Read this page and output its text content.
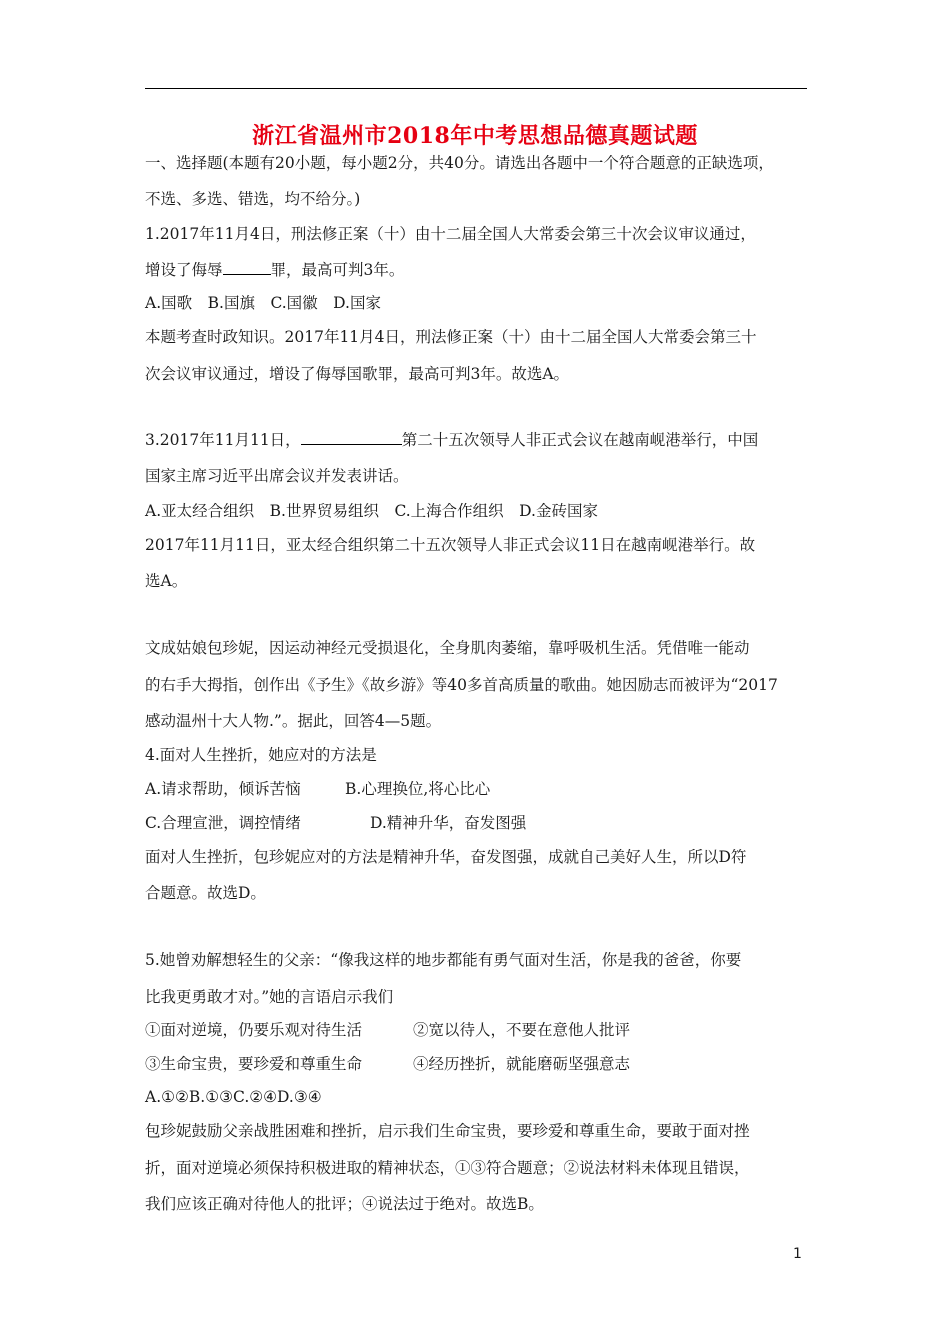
浙江省温州市2018年中考思想品德真题试题
一、选择题(本题有20小题，每小题2分，共40分。请选出各题中一个符合题意的正缺选项，
不选、多选、错选，均不给分。)
1.2017年11月4日，刑法修正案（十）由十二届全国人大常委会第三十次会议审议通过，
增设了侮辱	罪，最高可判3年。
A.国歌　B.国旗　C.国徽　D.国家
本题考查时政知识。2017年11月4日，刑法修正案（十）由十二届全国人大常委会第三十
次会议审议通过，增设了侮辱国歌罪，最高可判3年。故选A。
3.2017年11月11日，	第二十五次领导人非正式会议在越南岘港举行，中国
国家主席习近平出席会议并发表讲话。
A.亚太经合组织　B.世界贸易组织　C.上海合作组织　D.金砖国家
2017年11月11日，亚太经合组织第二十五次领导人非正式会议11日在越南岘港举行。故
选A。
文成姑娘包珍妮，因运动神经元受损退化，全身肌肉萎缩，靠呼吸机生活。凭借唯一能动
的右手大拇指，创作出《予生》《故乡游》等40多首高质量的歌曲。她因励志而被评为“2017
感动温州十大人物.”。据此，回答4—5题。
4.面对人生挫折，她应对的方法是
A.请求帮助，倾诉苦恼	B.心理换位,将心比心
C.合理宣泄，调控情绪	D.精神升华，奋发图强
面对人生挫折，包珍妮应对的方法是精神升华，奋发图强，成就自己美好人生，所以D符
合题意。故选D。
5.她曾劝解想轻生的父亲：“像我这样的地步都能有勇气面对生活，你是我的爸爸，你要
比我更勇敢才对。”她的言语启示我们
①面对逆境，仍要乐观对待生活	②宽以待人，不要在意他人批评
③生命宝贵，要珍爱和尊重生命	④经历挫折，就能磨砺坚强意志
A.①②B.①③C.②④D.③④
包珍妮鼓励父亲战胜困难和挫折，启示我们生命宝贵，要珍爱和尊重生命，要敢于面对挫
折，面对逆境必须保持积极进取的精神状态，①③符合题意；②说法材料未体现且错误，
我们应该正确对待他人的批评；④说法过于绝对。故选B。
1
